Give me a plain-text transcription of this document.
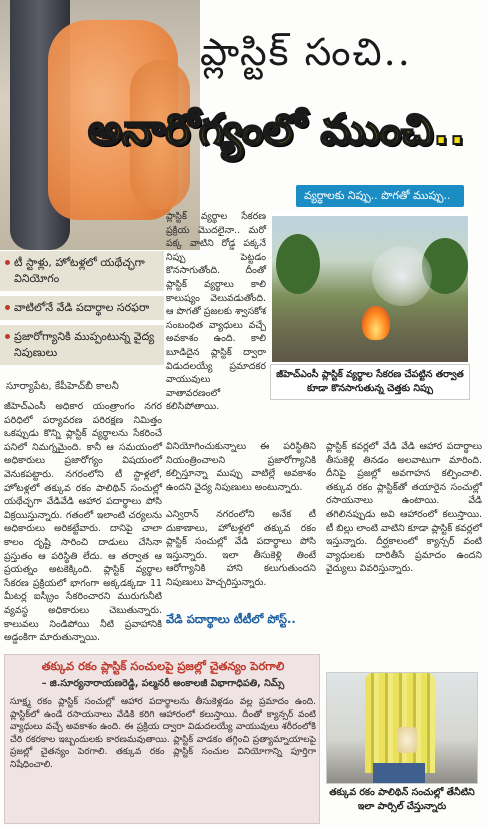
ప్లాస్టిక్ సంచి..
అనారోగ్యంలో ముంచి..
వ్యర్థాలకు నిప్పు.. పొగతో ముప్పు..
టీ స్టాళ్లు, హోటళ్లలో యథేచ్ఛగా వినియోగం
వాటిలోనే వేడి పదార్థాల సరఫరా
ప్రజారోగ్యానికి ముప్పంటున్న వైద్య నిపుణులు
సూర్యాపేట, కేపీహెచ్‌బీ కాలనీ
జీహెచ్‌ఎంసీ అధికార యంత్రాంగం నగర పరిధిలో పర్యావరణ పరిరక్షణ నిమిత్తం ఒకప్పుడు కొన్ని ప్లాస్టిక్ వ్యర్థాలను సేకరించే పనిలో నిమగ్నమైంది. కానీ ఆ సమయంలో అధికారులు ప్రజారోగ్యం విషయంలో వెనుకపట్టారు. నగరంలోని టీ స్టాళ్లలో, హోటళ్లలో తక్కువ రకం పాలిథిన్ సంచుల్లో యథేచ్ఛగా వేడివేడి ఆహార పదార్థాలు పోసి విక్రయిస్తున్నారు. గతంలో ఇలాంటి చర్యలను అధికారులు అరికట్టేవారు. దానిపై చాలా కాలం దృష్టి సారించి దాడులు చేసినా ప్రస్తుతం ఆ పరిస్థితి లేదు. ఆ తర్వాత ఆ ప్రయత్నం అటకెక్కింది. ప్లాస్టిక్ వ్యర్థాల సేకరణ ప్రక్రియలో భాగంగా అక్కడక్కడా 11 మీటర్ల ఐస్క్రీం సేకరించారని మురుగునీటి వ్యవస్థ అధికారులు చెబుతున్నారు. కాలువలు నిండిపోయి నీటి ప్రవాహానికి అడ్డంకిగా మారుతున్నాయి.
ప్లాస్టిక్ వ్యర్థాల సేకరణ ప్రక్రియ మొదలైనా.. మరో పక్క వాటిని రోడ్డ పక్కనే నిప్పు పెట్టడం కొనసాగుతోంది. దీంతో ప్లాస్టిక్ వ్యర్థాలు కాలి కాలుష్యం వెలువడుతోంది. ఆ పొగతో ప్రజలకు శ్వాసకోశ సంబంధిత వ్యాధులు వచ్చే అవకాశం ఉంది. కాలి బూడిదైన ప్లాస్టిక్ ద్వారా విడుదలయ్యే ప్రమాదకర వాయువులు వాతావరణంలో కలిసిపోతాయి.
జీహెచ్‌ఎంసీ ప్లాస్టిక్ వ్యర్థాల సేకరణ చేపట్టిన తర్వాత కూడా కొనసాగుతున్న చెత్తకు నిప్పు
వినియోగించుకున్నాలు ఈ పరిస్థితిని నియంత్రించాలని ప్రజారోగ్యానికి కల్పిస్తూన్నా ముప్పు వాటిల్లే అవకాశం ఉందని వైద్య నిపుణులు అంటున్నారు.

ఎన్విరాన్ నగరంలోని అనేక టీ దుకాణాలు, హోటళ్లలో తక్కువ రకం ప్లాస్టిక్ సంచుల్లో వేడి పదార్థాలు పోసి ఇస్తున్నారు. ఇలా తీసుకెళ్లి తింటే ఆరోగ్యానికి హాని కలుగుతుందని నిపుణులు హెచ్చరిస్తున్నారు.
వేడి పదార్థాలు టీటీలో పోస్ట్..
ప్లాస్టిక్ కవర్లలో వేడి వేడి ఆహార పదార్థాలు తీసుకెళ్లి తినడం అలవాటుగా మారింది. దీనిపై ప్రజల్లో అవగాహన కల్పించాలి. తక్కువ రకం ప్లాస్టిక్‌తో తయారైన సంచుల్లో రసాయనాలు ఉంటాయి. వేడి తగిలినప్పుడు అవి ఆహారంలో కలుస్తాయి. టీ బిల్లు లాంటి వాటిని కూడా ప్లాస్టిక్ కవర్లలో ఇస్తున్నారు. దీర్ఘకాలంలో క్యాన్సర్ వంటి వ్యాధులకు దారితీసే ప్రమాదం ఉందని వైద్యులు వివరిస్తున్నారు.
తక్కువ రకం ప్లాస్టిక్ సంచులపై ప్రజల్లో చైతన్యం పెరగాలి
– జి.సూర్యనారాయణరెడ్డి, పల్మనరీ అంకాలజీ విభాగాధిపతి, నిమ్స్
సూక్ష్మ రకం ప్లాస్టిక్ సంచుల్లో ఆహార పదార్థాలను తీసుకెళ్లడం వల్ల ప్రమాదం ఉంది. ప్లాస్టిక్‌లో ఉండే రసాయనాలు వేడికి కరిగి ఆహారంలో కలుస్తాయి. దీంతో క్యాన్సర్ వంటి వ్యాధులు వచ్చే అవకాశం ఉంది. ఈ ప్రక్రియ ద్వారా విడుదలయ్యే వాయువులు శరీరంలోకి చేరి రకరకాల ఇబ్బందులకు కారణమవుతాయి. ప్లాస్టిక్ వాడకం తగ్గించి ప్రత్యామ్నాయాలపై ప్రజల్లో చైతన్యం పెరగాలి. తక్కువ రకం ప్లాస్టిక్ సంచుల వినియోగాన్ని పూర్తిగా నిషేధించాలి.
తక్కువ రకం పాలిథిన్ సంచుల్లో తేనీటిని ఇలా పార్సిల్ చేస్తున్నారు
